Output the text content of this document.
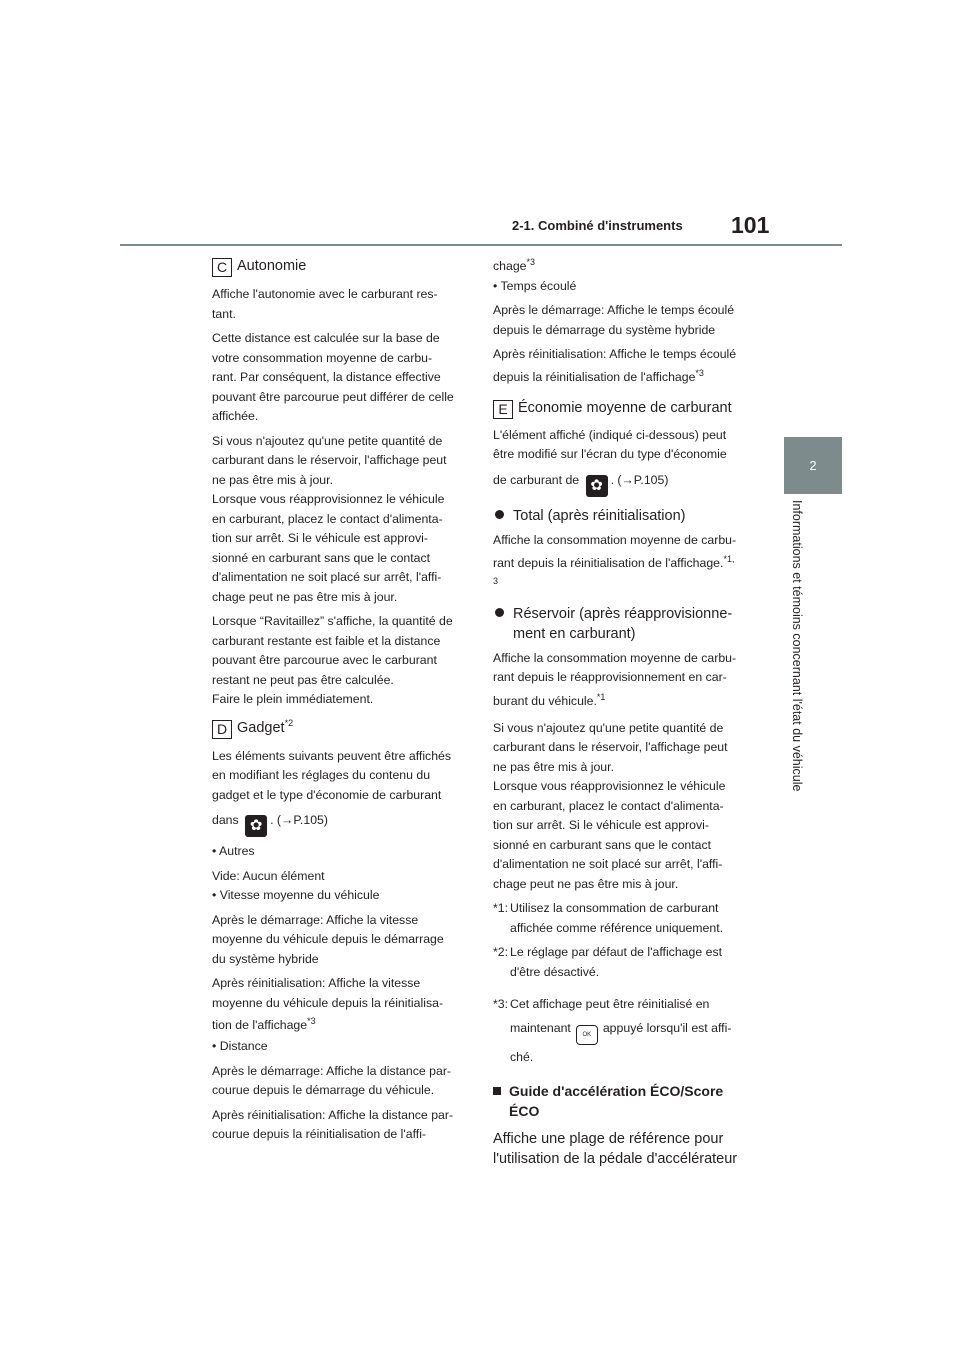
2-1. Combiné d'instruments 101
2
Informations et témoins concernant l'état du véhicule
C Autonomie

Affiche l'autonomie avec le carburant res-
tant.

Cette distance est calculée sur la base de
votre consommation moyenne de carbu-
rant. Par conséquent, la distance effective
pouvant être parcourue peut différer de celle
affichée.

Si vous n'ajoutez qu'une petite quantité de
carburant dans le réservoir, l'affichage peut
ne pas être mis à jour.
Lorsque vous réapprovisionnez le véhicule
en carburant, placez le contact d'alimenta-
tion sur arrêt. Si le véhicule est approvi-
sionné en carburant sans que le contact
d'alimentation ne soit placé sur arrêt, l'affi-
chage peut ne pas être mis à jour.

Lorsque “Ravitaillez” s'affiche, la quantité de
carburant restante est faible et la distance
pouvant être parcourue avec le carburant
restant ne peut pas être calculée.
Faire le plein immédiatement.

D Gadget$^{*2}$

Les éléments suivants peuvent être affichés
en modifiant les réglages du contenu du
gadget et le type d'économie de carburant

dans ✿ . (→P.105)

• Autres

Vide: Aucun élément
• Vitesse moyenne du véhicule

Après le démarrage: Affiche la vitesse
moyenne du véhicule depuis le démarrage
du système hybride

Après réinitialisation: Affiche la vitesse
moyenne du véhicule depuis la réinitialisa-
tion de l'affichage$^{*3}$
• Distance

Après le démarrage: Affiche la distance par-
courue depuis le démarrage du véhicule.

Après réinitialisation: Affiche la distance par-
courue depuis la réinitialisation de l'affi-

chage$^{*3}$
• Temps écoulé

Après le démarrage: Affiche le temps écoulé
depuis le démarrage du système hybride

Après réinitialisation: Affiche le temps écoulé
depuis la réinitialisation de l'affichage$^{*3}$

E Économie moyenne de carburant

L'élément affiché (indiqué ci-dessous) peut
être modifié sur l'écran du type d'économie

de carburant de ✿ . (→P.105)

Total (après réinitialisation)

Affiche la consommation moyenne de carbu-
rant depuis la réinitialisation de l'affichage.$^{*1,}$
$^3$

Réservoir (après réapprovisionne-
ment en carburant)

Affiche la consommation moyenne de carbu-
rant depuis le réapprovisionnement en car-
burant du véhicule.$^{*1}$

Si vous n'ajoutez qu'une petite quantité de
carburant dans le réservoir, l'affichage peut
ne pas être mis à jour.
Lorsque vous réapprovisionnez le véhicule
en carburant, placez le contact d'alimenta-
tion sur arrêt. Si le véhicule est approvi-
sionné en carburant sans que le contact
d'alimentation ne soit placé sur arrêt, l'affi-
chage peut ne pas être mis à jour.

*1: Utilisez la consommation de carburant
affichée comme référence uniquement.
*2: Le réglage par défaut de l'affichage est
d'être désactivé.
*3: Cet affichage peut être réinitialisé en
maintenant OK appuyé lorsqu'il est affi-
ché.
Guide d'accélération ÉCO/Score
ÉCO

Affiche une plage de référence pour
l'utilisation de la pédale d'accélérateur
